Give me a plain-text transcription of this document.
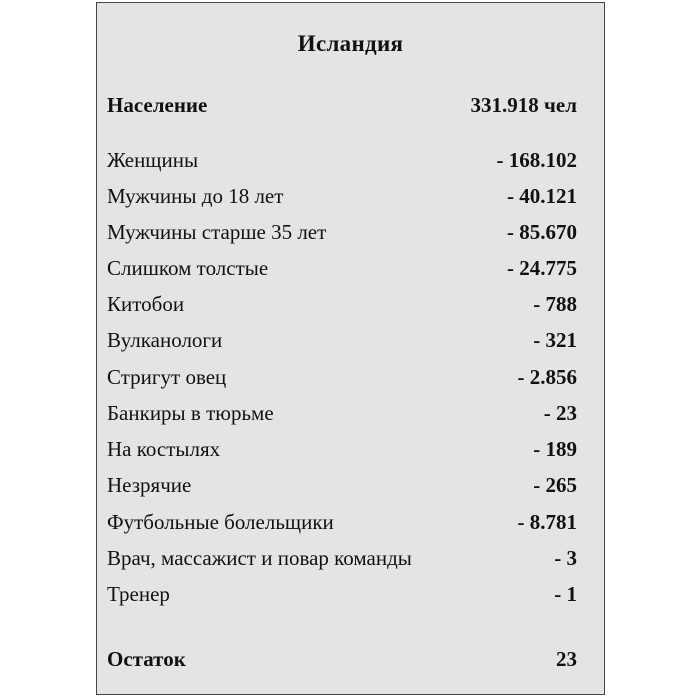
Исландия
Население	331.918 чел
Женщины	- 168.102
Мужчины до 18 лет	- 40.121
Мужчины старше 35 лет	- 85.670
Слишком толстые	- 24.775
Китобои	- 788
Вулканологи	- 321
Стригут овец	- 2.856
Банкиры в тюрьме	- 23
На костылях	- 189
Незрячие	- 265
Футбольные болельщики	- 8.781
Врач, массажист и повар команды	- 3
Тренер	- 1
Остаток	23
